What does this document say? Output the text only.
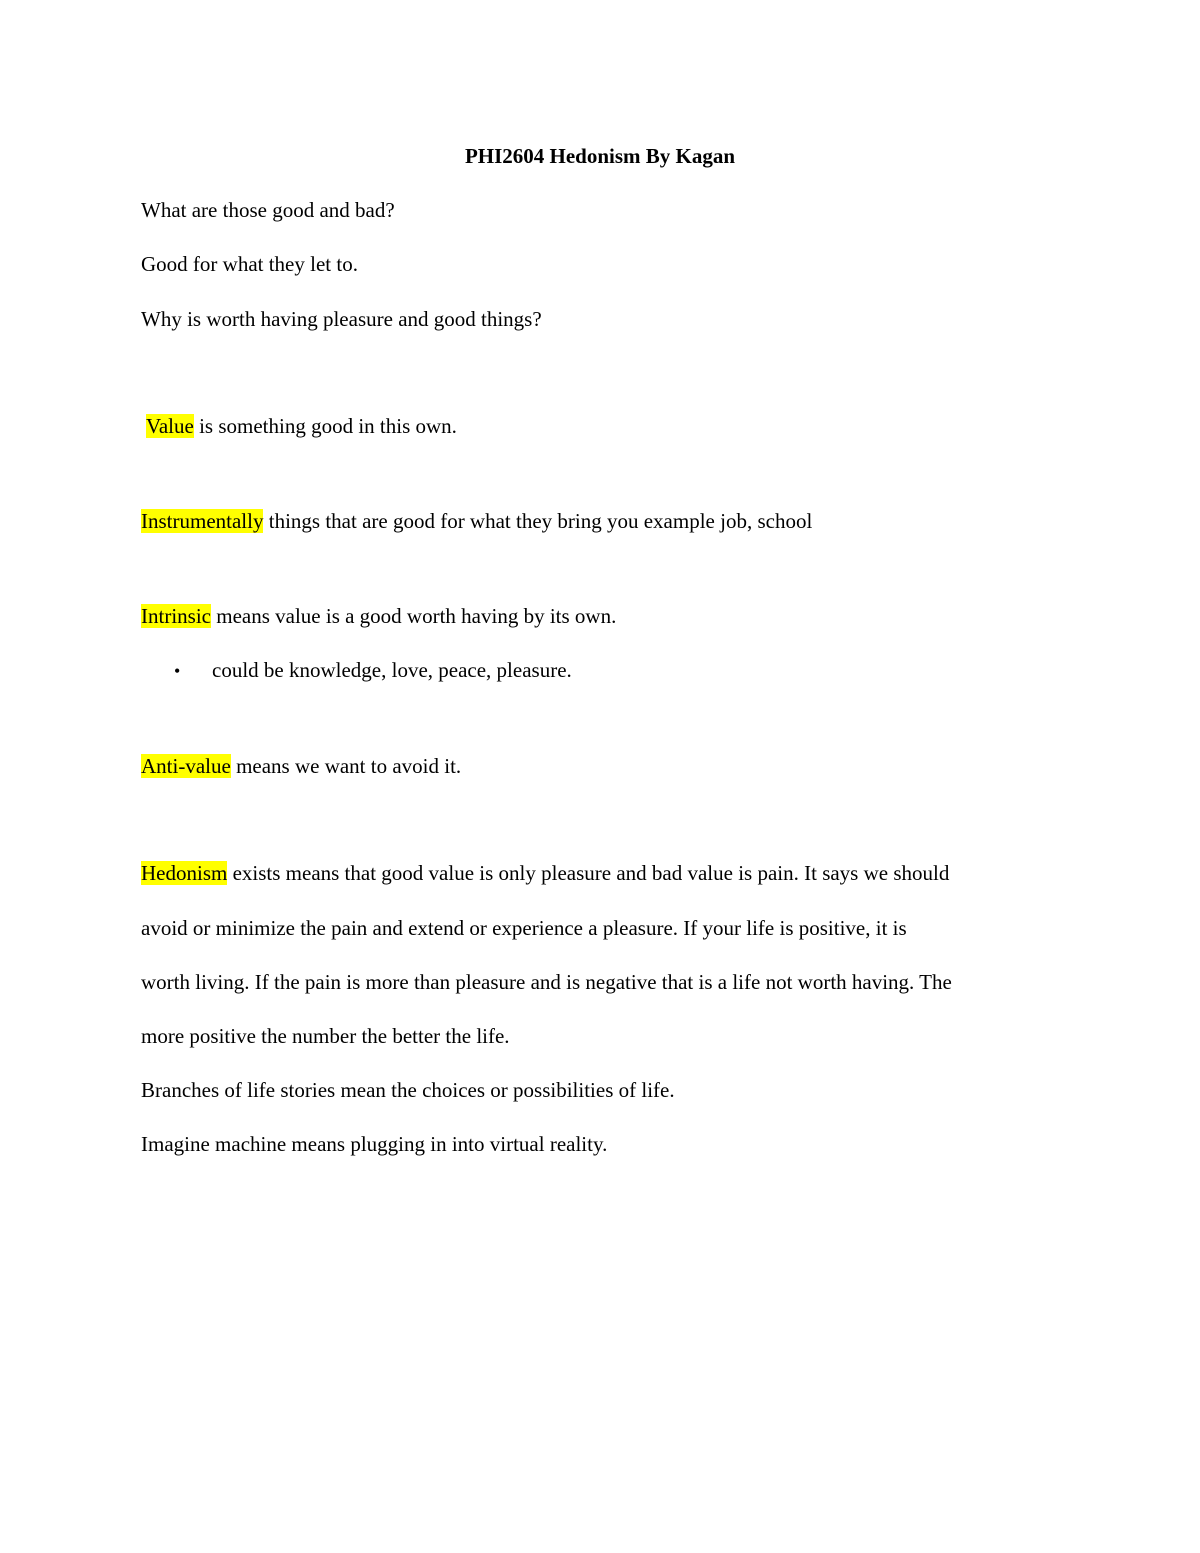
PHI2604 Hedonism By Kagan
What are those good and bad?
Good for what they let to.
Why is worth having pleasure and good things?
Value is something good in this own.
Instrumentally things that are good for what they bring you example job, school
Intrinsic means value is a good worth having by its own.
• could be knowledge, love, peace, pleasure.
Anti-value means we want to avoid it.
Hedonism exists means that good value is only pleasure and bad value is pain. It says we should
avoid or minimize the pain and extend or experience a pleasure. If your life is positive, it is
worth living. If the pain is more than pleasure and is negative that is a life not worth having. The
more positive the number the better the life.
Branches of life stories mean the choices or possibilities of life.
Imagine machine means plugging in into virtual reality.
